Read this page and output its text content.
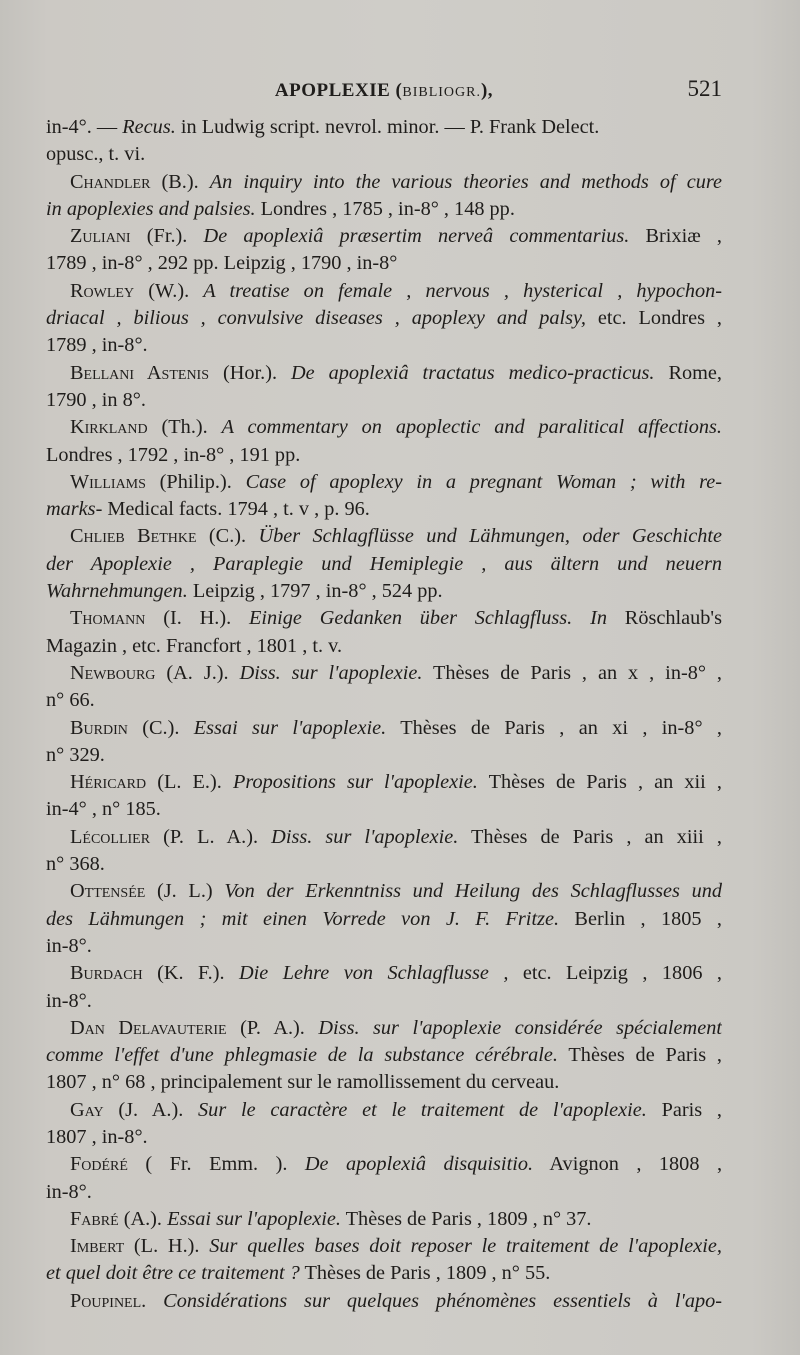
APOPLEXIE (BIBLIOGR.),	521
in-4°. — Recus. in Ludwig script. nevrol. minor. — P. Frank Delect.
opusc., t. vi.
Chandler (B.). An inquiry into the various theories and methods of cure
in apoplexies and palsies. Londres , 1785 , in-8° , 148 pp.
Zuliani (Fr.). De apoplexiâ præsertim nerveâ commentarius. Brixiæ ,
1789 , in-8° , 292 pp. Leipzig , 1790 , in-8°
Rowley (W.). A treatise on female , nervous , hysterical , hypochon-
driacal , bilious , convulsive diseases , apoplexy and palsy, etc. Londres ,
1789 , in-8°.
Bellani Astenis (Hor.). De apoplexiâ tractatus medico-practicus. Rome,
1790 , in 8°.
Kirkland (Th.). A commentary on apoplectic and paralitical affections.
Londres , 1792 , in-8° , 191 pp.
Williams (Philip.). Case of apoplexy in a pregnant Woman ; with re-
marks- Medical facts. 1794 , t. v , p. 96.
Chlieb Bethke (C.). Über Schlagflüsse und Lähmungen, oder Geschichte
der Apoplexie , Paraplegie und Hemiplegie , aus ältern und neuern
Wahrnehmungen. Leipzig , 1797 , in-8° , 524 pp.
Thomann (I. H.). Einige Gedanken über Schlagfluss. In Röschlaub's
Magazin , etc. Francfort , 1801 , t. v.
Newbourg (A. J.). Diss. sur l'apoplexie. Thèses de Paris , an x , in-8° ,
n° 66.
Burdin (C.). Essai sur l'apoplexie. Thèses de Paris , an xi , in-8° ,
n° 329.
Héricard (L. E.). Propositions sur l'apoplexie. Thèses de Paris , an xii ,
in-4° , n° 185.
Lécollier (P. L. A.). Diss. sur l'apoplexie. Thèses de Paris , an xiii ,
n° 368.
Ottensée (J. L.) Von der Erkenntniss und Heilung des Schlagflusses und
des Lähmungen ; mit einen Vorrede von J. F. Fritze. Berlin , 1805 ,
in-8°.
Burdach (K. F.). Die Lehre von Schlagflusse , etc. Leipzig , 1806 ,
in-8°.
Dan Delavauterie (P. A.). Diss. sur l'apoplexie considérée spécialement
comme l'effet d'une phlegmasie de la substance cérébrale. Thèses de Paris ,
1807 , n° 68 , principalement sur le ramollissement du cerveau.
Gay (J. A.). Sur le caractère et le traitement de l'apoplexie. Paris ,
1807 , in-8°.
Fodéré ( Fr. Emm. ). De apoplexiâ disquisitio. Avignon , 1808 ,
in-8°.
Fabré (A.). Essai sur l'apoplexie. Thèses de Paris , 1809 , n° 37.
Imbert (L. H.). Sur quelles bases doit reposer le traitement de l'apoplexie,
et quel doit être ce traitement ? Thèses de Paris , 1809 , n° 55.
Poupinel. Considérations sur quelques phénomènes essentiels à l'apo-
